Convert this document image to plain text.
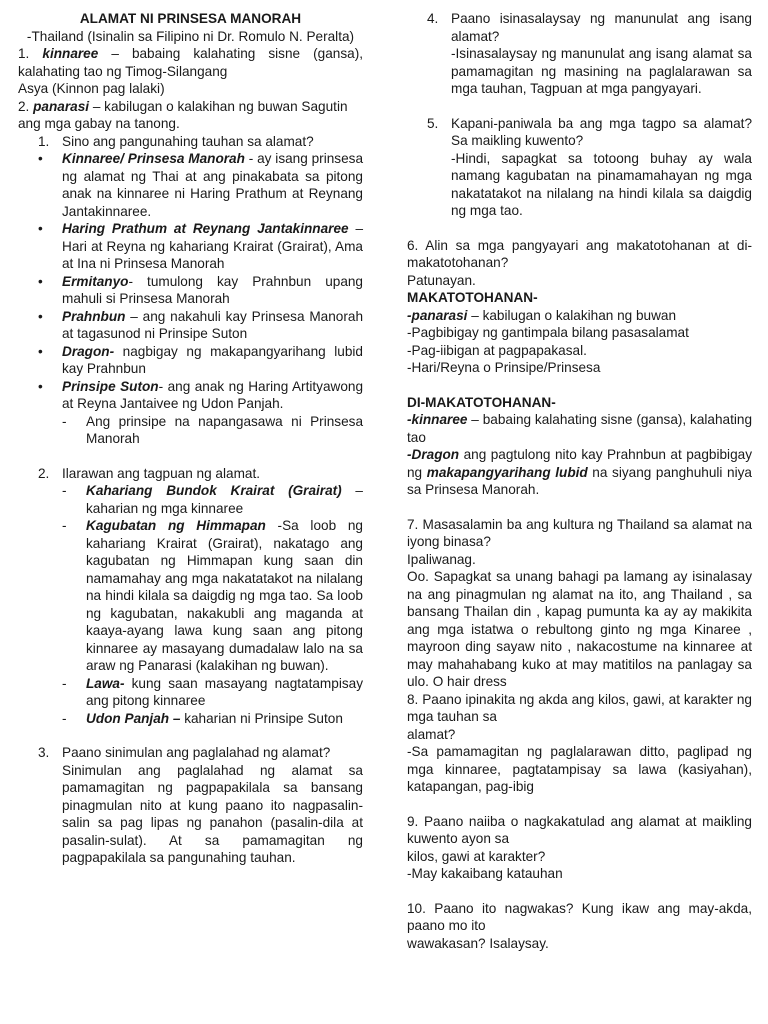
ALAMAT NI PRINSESA MANORAH

-Thailand (Isinalin sa Filipino ni Dr. Romulo N. Peralta)

1. kinnaree – babaing kalahating sisne (gansa), kalahating tao ng Timog-Silangang

Asya (Kinnon pag lalaki)

2. panarasi – kabilugan o kalakihan ng buwan Sagutin ang mga gabay na tanong.

1. Sino ang pangunahing tauhan sa alamat?
•	Kinnaree/ Prinsesa Manorah - ay isang prinsesa ng alamat ng Thai at ang pinakabata sa pitong anak na kinnaree ni Haring Prathum at Reynang Jantakinnaree.
•	Haring Prathum at Reynang Jantakinnaree – Hari at Reyna ng kahariang Krairat (Grairat), Ama at Ina ni Prinsesa Manorah
•	Ermitanyo- tumulong kay Prahnbun upang mahuli si Prinsesa Manorah
•	Prahnbun – ang nakahuli kay Prinsesa Manorah at tagasunod ni Prinsipe Suton
•	Dragon- nagbigay ng makapangyarihang lubid kay Prahnbun
•	Prinsipe Suton- ang anak ng Haring Artityawong at Reyna Jantaivee ng Udon Panjah.
-	Ang prinsipe na napangasawa ni Prinsesa Manorah
2. Ilarawan ang tagpuan ng alamat.
-	Kahariang Bundok Krairat (Grairat) – kaharian ng mga kinnaree
-	Kagubatan ng Himmapan -Sa loob ng kahariang Krairat (Grairat), nakatago ang kagubatan ng Himmapan kung saan din namamahay ang mga nakatatakot na nilalang na hindi kilala sa daigdig ng mga tao. Sa loob ng kagubatan, nakakubli ang maganda at kaaya-ayang lawa kung saan ang pitong kinnaree ay masayang dumadalaw lalo na sa araw ng Panarasi (kalakihan ng buwan).
-	Lawa- kung saan masayang nagtatampisay ang pitong kinnaree
-	Udon Panjah – kaharian ni Prinsipe Suton
3. Paano sinimulan ang paglalahad ng alamat?

Sinimulan ang paglalahad ng alamat sa pamamagitan ng pagpapakilala sa bansang pinagmulan nito at kung paano ito nagpasalin-salin sa pag lipas ng panahon (pasalin-dila at pasalin-sulat). At sa pamamagitan ng pagpapakilala sa pangunahing tauhan.

4. Paano isinasalaysay ng manunulat ang isang alamat?

-Isinasalaysay ng manunulat ang isang alamat sa pamamagitan ng masining na paglalarawan sa mga tauhan, Tagpuan at mga pangyayari.

5. Kapani-paniwala ba ang mga tagpo sa alamat? Sa maikling kuwento?

-Hindi, sapagkat sa totoong buhay ay wala namang kagubatan na pinamamahayan ng mga nakatatakot na nilalang na hindi kilala sa daigdig ng mga tao.

6. Alin sa mga pangyayari ang makatotohanan at di-makatotohanan?

Patunayan.

MAKATOTOHANAN-

-panarasi – kabilugan o kalakihan ng buwan

-Pagbibigay ng gantimpala bilang pasasalamat

-Pag-iibigan at pagpapakasal.

-Hari/Reyna o Prinsipe/Prinsesa

DI-MAKATOTOHANAN-

-kinnaree – babaing kalahating sisne (gansa), kalahating tao

-Dragon ang pagtulong nito kay Prahnbun at pagbibigay ng makapangyarihang lubid na siyang panghuhuli niya sa Prinsesa Manorah.

7. Masasalamin ba ang kultura ng Thailand sa alamat na iyong binasa?

Ipaliwanag.

Oo. Sapagkat sa unang bahagi pa lamang ay isinalasay na ang pinagmulan ng alamat na ito, ang Thailand , sa bansang Thailan din , kapag pumunta ka ay ay makikita ang mga istatwa o rebultong ginto ng mga Kinaree , mayroon ding sayaw nito , nakacostume na kinnaree at may mahahabang kuko at may matitilos na panlagay sa ulo. O hair dress

8. Paano ipinakita ng akda ang kilos, gawi, at karakter ng mga tauhan sa

alamat?

-Sa pamamagitan ng paglalarawan ditto, paglipad ng mga kinnaree, pagtatampisay sa lawa (kasiyahan), katapangan, pag-ibig

9. Paano naiiba o nagkakatulad ang alamat at maikling kuwento ayon sa

kilos, gawi at karakter?

-May kakaibang katauhan

10. Paano ito nagwakas? Kung ikaw ang may-akda, paano mo ito

wawakasan? Isalaysay.
